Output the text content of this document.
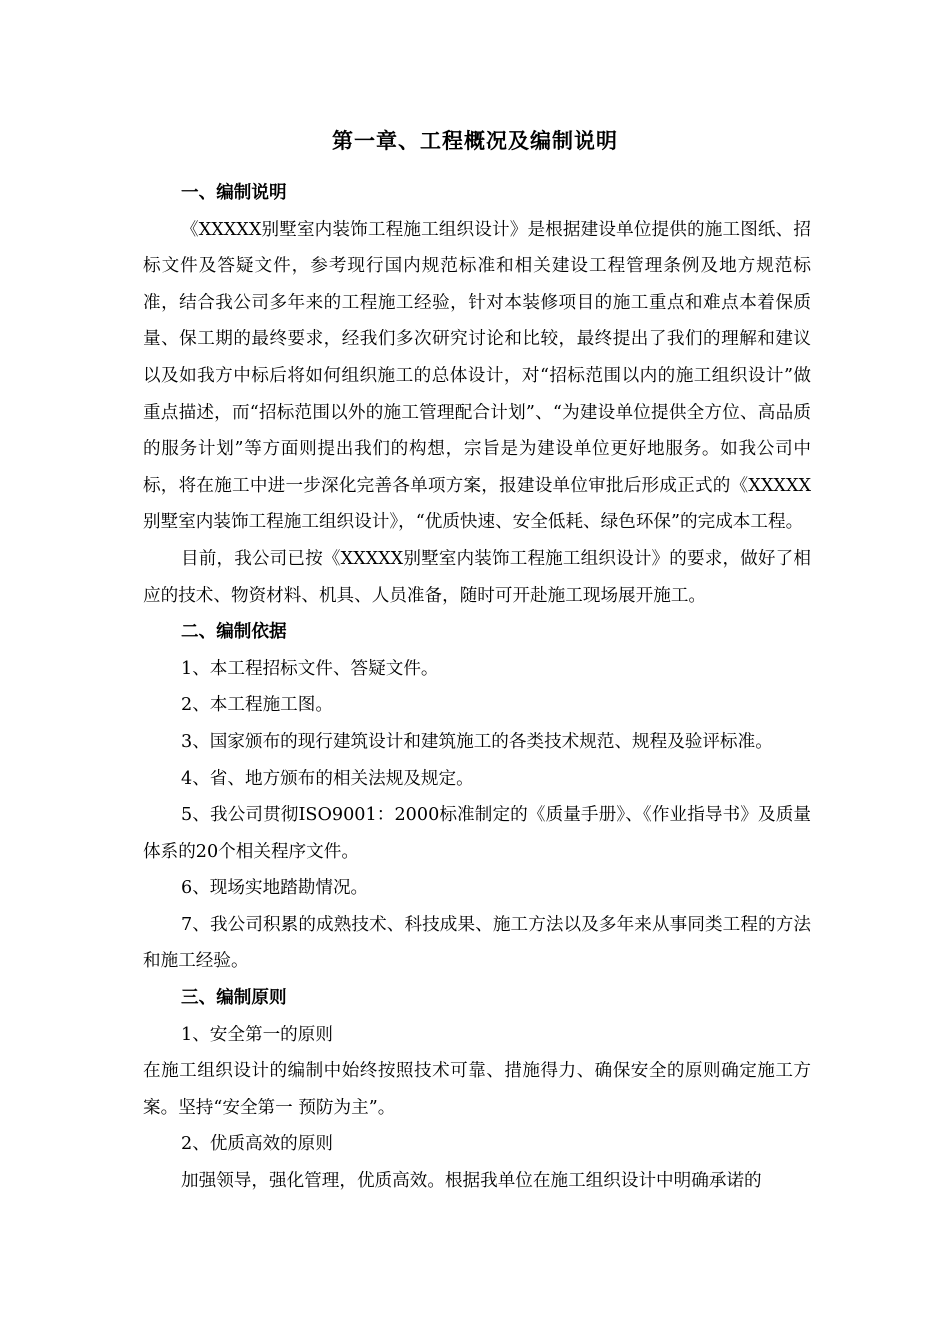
第一章、工程概况及编制说明

一、编制说明

《XXXXX别墅室内装饰工程施工组织设计》是根据建设单位提供的施工图纸、招标文件及答疑文件，参考现行国内规范标准和相关建设工程管理条例及地方规范标准，结合我公司多年来的工程施工经验，针对本装修项目的施工重点和难点本着保质量、保工期的最终要求，经我们多次研究讨论和比较，最终提出了我们的理解和建议以及如我方中标后将如何组织施工的总体设计，对“招标范围以内的施工组织设计”做重点描述，而“招标范围以外的施工管理配合计划”、“为建设单位提供全方位、高品质的服务计划”等方面则提出我们的构想，宗旨是为建设单位更好地服务。如我公司中标，将在施工中进一步深化完善各单项方案，报建设单位审批后形成正式的《XXXXX别墅室内装饰工程施工组织设计》，“优质快速、安全低耗、绿色环保”的完成本工程。

目前，我公司已按《XXXXX别墅室内装饰工程施工组织设计》的要求，做好了相应的技术、物资材料、机具、人员准备，随时可开赴施工现场展开施工。

二、编制依据

1、本工程招标文件、答疑文件。

2、本工程施工图。

3、国家颁布的现行建筑设计和建筑施工的各类技术规范、规程及验评标准。

4、省、地方颁布的相关法规及规定。

5、我公司贯彻ISO9001：2000标准制定的《质量手册》、《作业指导书》及质量体系的20个相关程序文件。

6、现场实地踏勘情况。

7、我公司积累的成熟技术、科技成果、施工方法以及多年来从事同类工程的方法和施工经验。

三、编制原则

1、安全第一的原则

在施工组织设计的编制中始终按照技术可靠、措施得力、确保安全的原则确定施工方案。坚持“安全第一 预防为主”。

2、优质高效的原则

加强领导，强化管理，优质高效。根据我单位在施工组织设计中明确承诺的
